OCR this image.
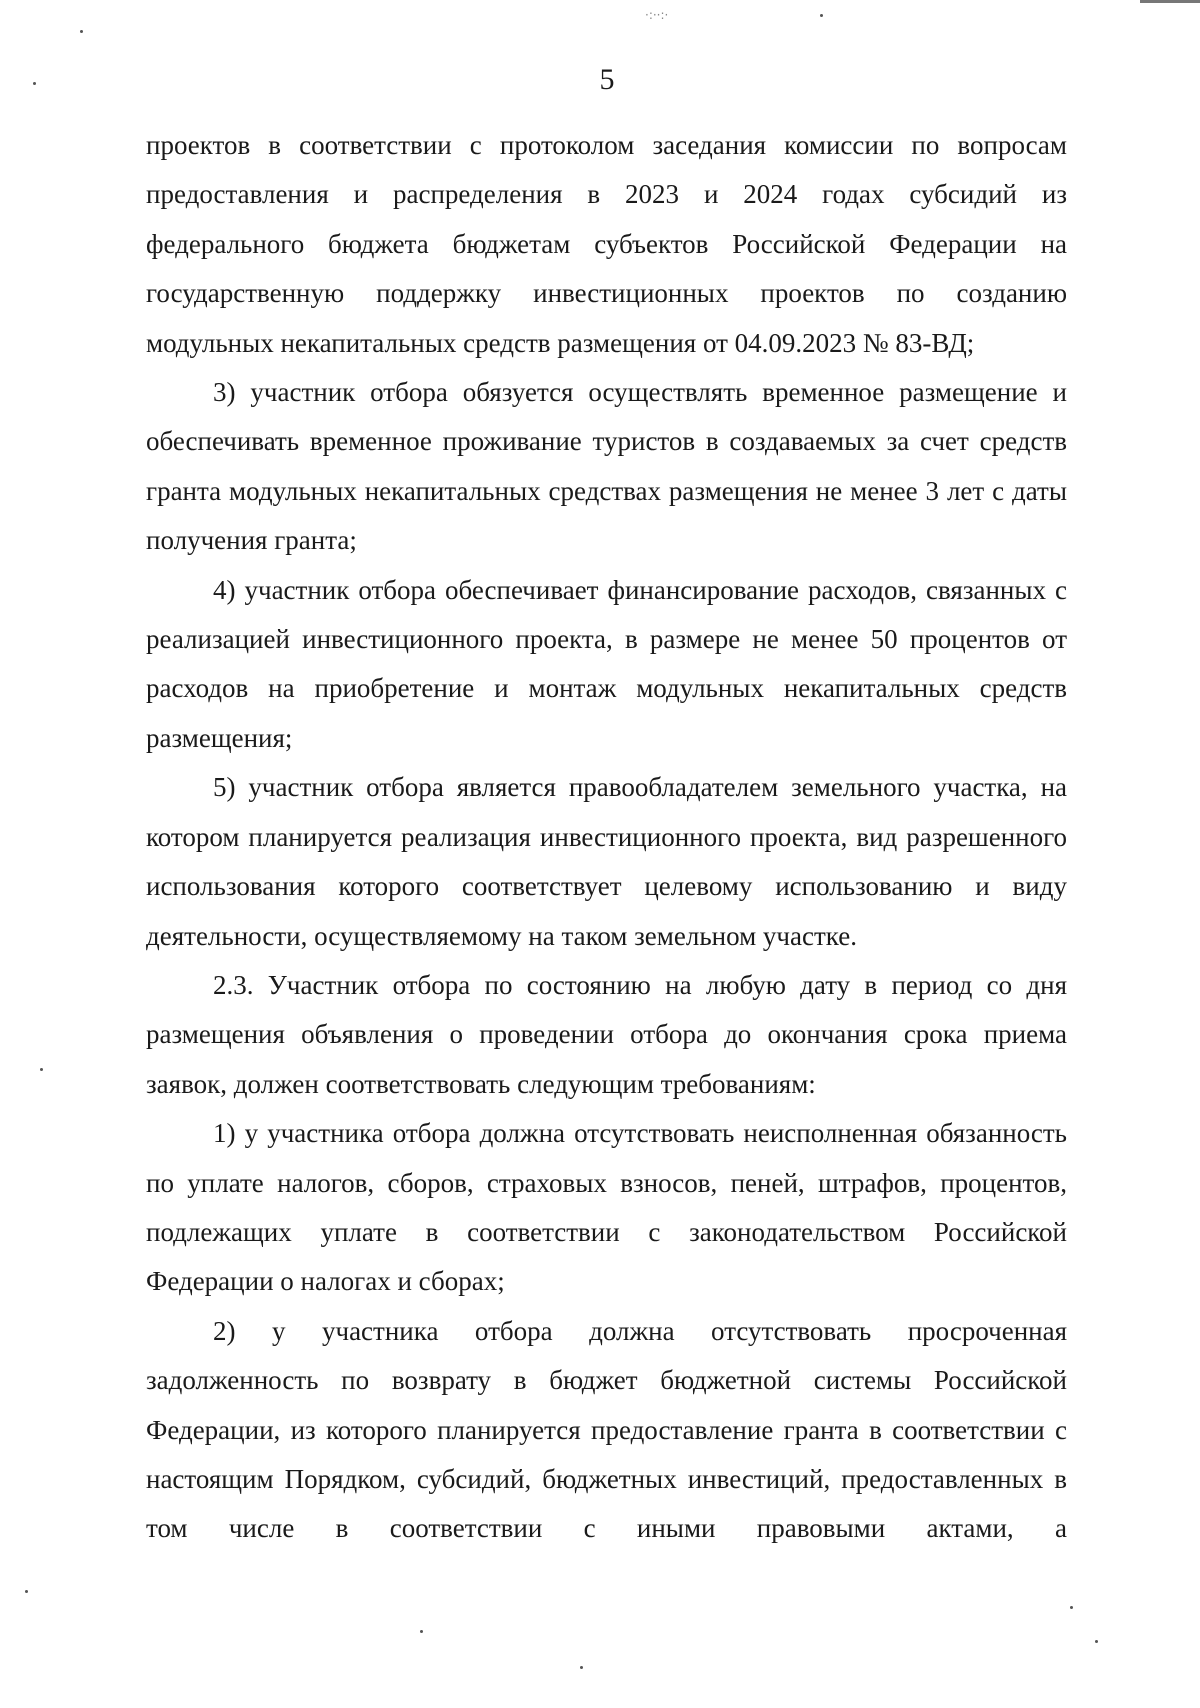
·:··:·
5

проектов в соответствии с протоколом заседания комиссии по вопросам предоставления и распределения в 2023 и 2024 годах субсидий из федерального бюджета бюджетам субъектов Российской Федерации на государственную поддержку инвестиционных проектов по созданию модульных некапитальных средств размещения от 04.09.2023 № 83-ВД;

3) участник отбора обязуется осуществлять временное размещение и обеспечивать временное проживание туристов в создаваемых за счет средств гранта модульных некапитальных средствах размещения не менее 3 лет с даты получения гранта;

4) участник отбора обеспечивает финансирование расходов, связанных с реализацией инвестиционного проекта, в размере не менее 50 процентов от расходов на приобретение и монтаж модульных некапитальных средств размещения;

5) участник отбора является правообладателем земельного участка, на котором планируется реализация инвестиционного проекта, вид разрешенного использования которого соответствует целевому использованию и виду деятельности, осуществляемому на таком земельном участке.

2.3. Участник отбора по состоянию на любую дату в период со дня размещения объявления о проведении отбора до окончания срока приема заявок, должен соответствовать следующим требованиям:

1) у участника отбора должна отсутствовать неисполненная обязанность по уплате налогов, сборов, страховых взносов, пеней, штрафов, процентов, подлежащих уплате в соответствии с законодательством Российской Федерации о налогах и сборах;

2) у участника отбора должна отсутствовать просроченная задолженность по возврату в бюджет бюджетной системы Российской Федерации, из которого планируется предоставление гранта в соответствии с настоящим Порядком, субсидий, бюджетных инвестиций, предоставленных в том числе в соответствии с иными правовыми актами, а
